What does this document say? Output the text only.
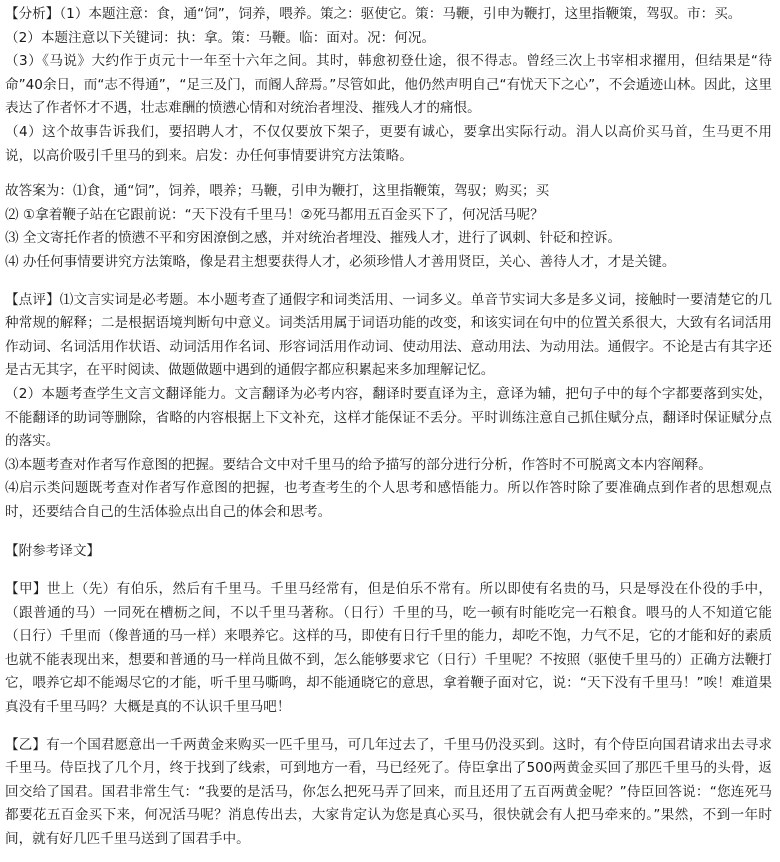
【分析】（1）本题注意：食，通“饲”，饲养，喂养。策之：驱使它。策：马鞭，引申为鞭打，这里指鞭策，驾驭。市：买。

（2）本题注意以下关键词：执：拿。策：马鞭。临：面对。况：何况。

（3）《马说》大约作于贞元十一年至十六年之间。其时，韩愈初登仕途，很不得志。曾经三次上书宰相求擢用，但结果是“待命”40余日，而“志不得通”，“足三及门，而阍人辞焉。”尽管如此，他仍然声明自己“有忧天下之心”，不会遁迹山林。因此，这里表达了作者怀才不遇，壮志难酬的愤懑心情和对统治者埋没、摧残人才的痛恨。

（4）这个故事告诉我们，要招聘人才，不仅仅要放下架子，更要有诚心，要拿出实际行动。涓人以高价买马首，生马更不用说，以高价吸引千里马的到来。启发：办任何事情要讲究方法策略。

故答案为：⑴食，通“饲”，饲养，喂养；马鞭，引申为鞭打，这里指鞭策，驾驭；购买；买

⑵ ①拿着鞭子站在它跟前说：“天下没有千里马！②死马都用五百金买下了，何况活马呢？

⑶ 全文寄托作者的愤懑不平和穷困潦倒之感，并对统治者埋没、摧残人才，进行了讽刺、针砭和控诉。

⑷ 办任何事情要讲究方法策略，像是君主想要获得人才，必须珍惜人才善用贤臣，关心、善待人才，才是关键。

【点评】⑴文言实词是必考题。本小题考查了通假字和词类活用、一词多义。单音节实词大多是多义词，接触时一要清楚它的几种常规的解释；二是根据语境判断句中意义。词类活用属于词语功能的改变，和该实词在句中的位置关系很大，大致有名词活用作动词、名词活用作状语、动词活用作名词、形容词活用作动词、使动用法、意动用法、为动用法。通假字。不论是古有其字还是古无其字，在平时阅读、做题做题中遇到的通假字都应积累起来多加理解记忆。

（2）本题考查学生文言文翻译能力。文言翻译为必考内容，翻译时要直译为主，意译为辅，把句子中的每个字都要落到实处，不能翻译的助词等删除，省略的内容根据上下文补充，这样才能保证不丢分。平时训练注意自己抓住赋分点，翻译时保证赋分点的落实。

⑶本题考查对作者写作意图的把握。要结合文中对千里马的给予描写的部分进行分析，作答时不可脱离文本内容阐释。

⑷启示类问题既考查对作者写作意图的把握，也考查考生的个人思考和感悟能力。所以作答时除了要准确点到作者的思想观点时，还要结合自己的生活体验点出自己的体会和思考。

【附参考译文】

【甲】世上（先）有伯乐，然后有千里马。千里马经常有，但是伯乐不常有。所以即使有名贵的马，只是辱没在仆役的手中，（跟普通的马）一同死在槽枥之间，不以千里马著称。（日行）千里的马，吃一顿有时能吃完一石粮食。喂马的人不知道它能（日行）千里而（像普通的马一样）来喂养它。这样的马，即使有日行千里的能力，却吃不饱，力气不足，它的才能和好的素质也就不能表现出来，想要和普通的马一样尚且做不到，怎么能够要求它（日行）千里呢？不按照（驱使千里马的）正确方法鞭打它，喂养它却不能竭尽它的才能，听千里马嘶鸣，却不能通晓它的意思，拿着鞭子面对它，说：“天下没有千里马！”唉！难道果真没有千里马吗？大概是真的不认识千里马吧！

【乙】有一个国君愿意出一千两黄金来购买一匹千里马，可几年过去了，千里马仍没买到。这时，有个侍臣向国君请求出去寻求千里马。侍臣找了几个月，终于找到了线索，可到地方一看，马已经死了。侍臣拿出了500两黄金买回了那匹千里马的头骨，返回交给了国君。国君非常生气：“我要的是活马，你怎么把死马弄了回来，而且还用了五百两黄金呢？”侍臣回答说：“您连死马都要花五百金买下来，何况活马呢？消息传出去，大家肯定认为您是真心买马，很快就会有人把马牵来的。”果然，不到一年时间，就有好几匹千里马送到了国君手中。
